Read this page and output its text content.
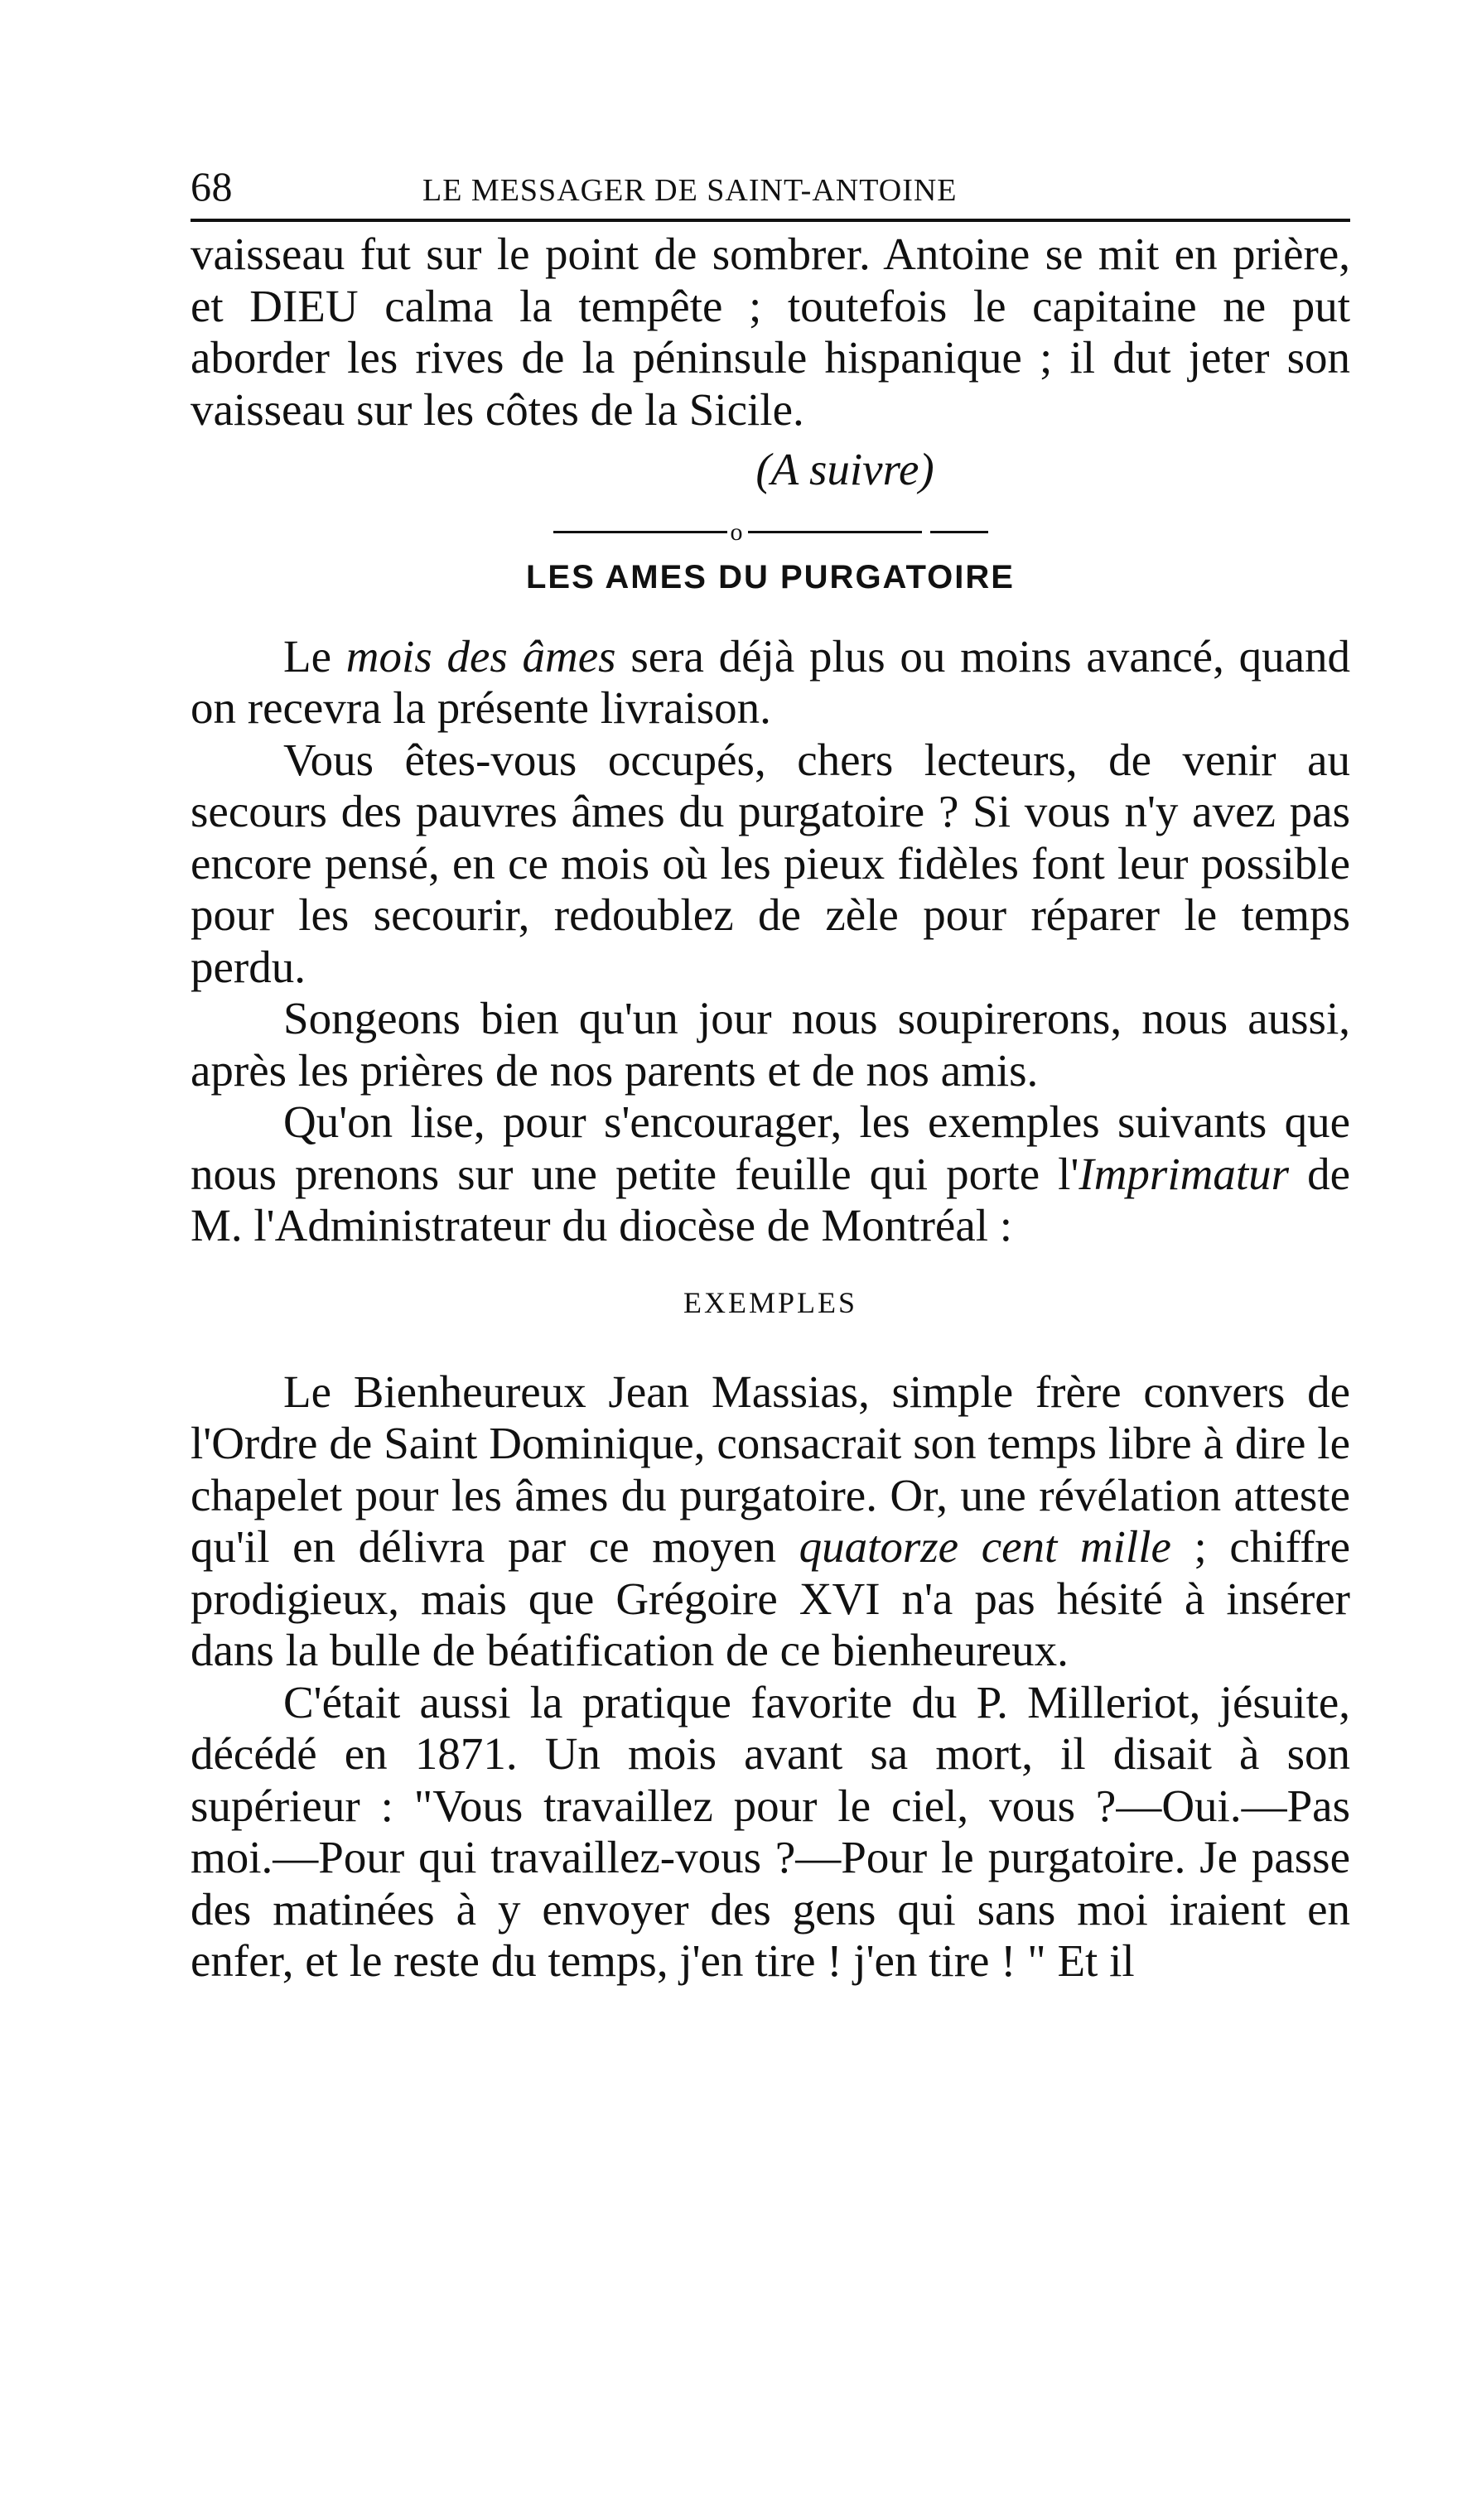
68	LE MESSAGER DE SAINT-ANTOINE

vaisseau fut sur le point de sombrer. Antoine se mit en prière, et DIEU calma la tempête ; toutefois le capitaine ne put aborder les rives de la péninsule hispanique ; il dut jeter son vaisseau sur les côtes de la Sicile.

(A suivre)
o
LES AMES DU PURGATOIRE

Le mois des âmes sera déjà plus ou moins avancé, quand on recevra la présente livraison.

Vous êtes-vous occupés, chers lecteurs, de venir au secours des pauvres âmes du purgatoire ? Si vous n'y avez pas encore pensé, en ce mois où les pieux fidèles font leur possible pour les secourir, redoublez de zèle pour réparer le temps perdu.

Songeons bien qu'un jour nous soupirerons, nous aussi, après les prières de nos parents et de nos amis.

Qu'on lise, pour s'encourager, les exemples suivants que nous prenons sur une petite feuille qui porte l'Imprimatur de M. l'Administrateur du diocèse de Montréal :

EXEMPLES

Le Bienheureux Jean Massias, simple frère convers de l'Ordre de Saint Dominique, consacrait son temps libre à dire le chapelet pour les âmes du purgatoire. Or, une révélation atteste qu'il en délivra par ce moyen quatorze cent mille ; chiffre prodigieux, mais que Grégoire XVI n'a pas hésité à insérer dans la bulle de béatification de ce bienheureux.

C'était aussi la pratique favorite du P. Milleriot, jésuite, décédé en 1871. Un mois avant sa mort, il disait à son supérieur : "Vous travaillez pour le ciel, vous ?—Oui.—Pas moi.—Pour qui travaillez-vous ?—Pour le purgatoire. Je passe des matinées à y envoyer des gens qui sans moi iraient en enfer, et le reste du temps, j'en tire ! j'en tire ! " Et il
